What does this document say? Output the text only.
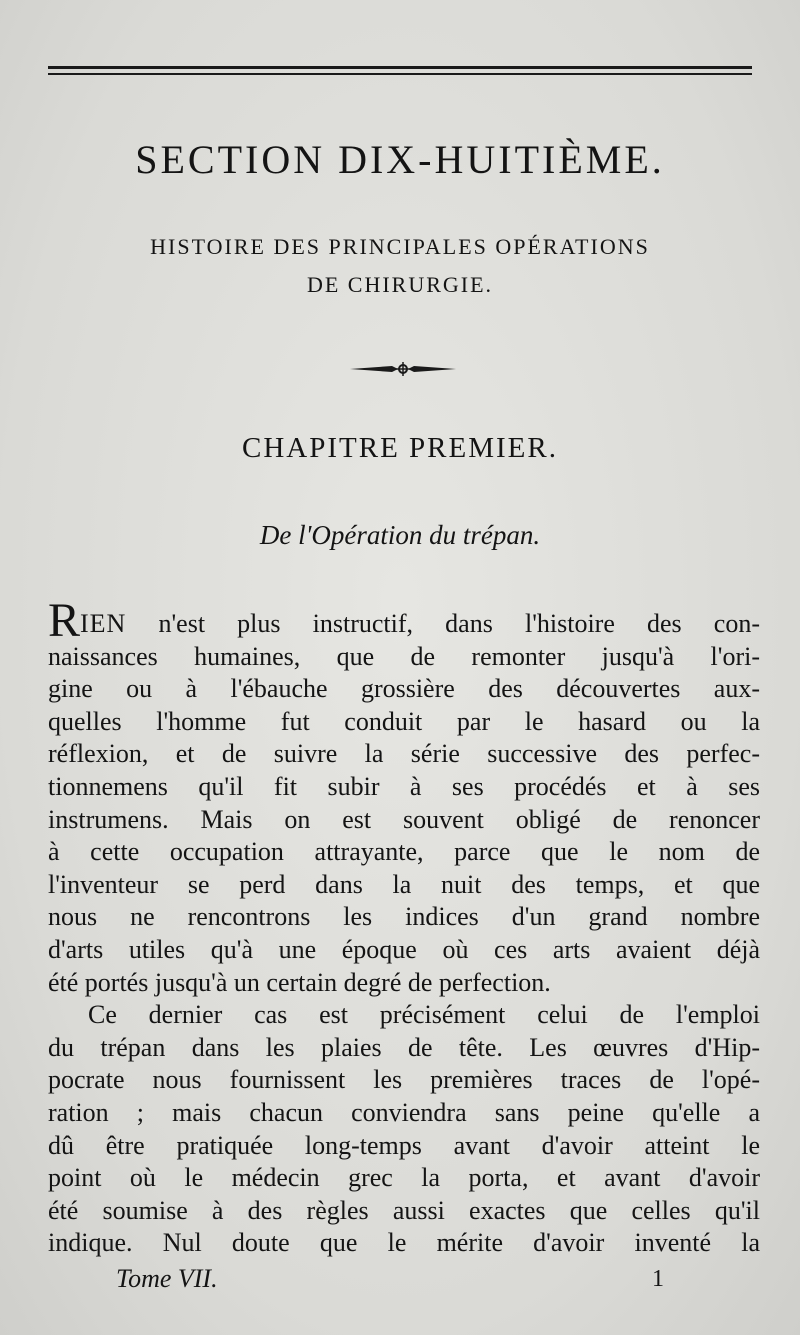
SECTION DIX-HUITIÈME.
HISTOIRE DES PRINCIPALES OPÉRATIONS
DE CHIRURGIE.
CHAPITRE PREMIER.
De l'Opération du trépan.
RIEN n'est plus instructif, dans l'histoire des con-
naissances humaines, que de remonter jusqu'à l'ori-
gine ou à l'ébauche grossière des découvertes aux-
quelles l'homme fut conduit par le hasard ou la
réflexion, et de suivre la série successive des perfec-
tionnemens qu'il fit subir à ses procédés et à ses
instrumens. Mais on est souvent obligé de renoncer
à cette occupation attrayante, parce que le nom de
l'inventeur se perd dans la nuit des temps, et que
nous ne rencontrons les indices d'un grand nombre
d'arts utiles qu'à une époque où ces arts avaient déjà
été portés jusqu'à un certain degré de perfection.
Ce dernier cas est précisément celui de l'emploi
du trépan dans les plaies de tête. Les œuvres d'Hip-
pocrate nous fournissent les premières traces de l'opé-
ration ; mais chacun conviendra sans peine qu'elle a
dû être pratiquée long-temps avant d'avoir atteint le
point où le médecin grec la porta, et avant d'avoir
été soumise à des règles aussi exactes que celles qu'il
indique. Nul doute que le mérite d'avoir inventé la
Tome VII.	1
